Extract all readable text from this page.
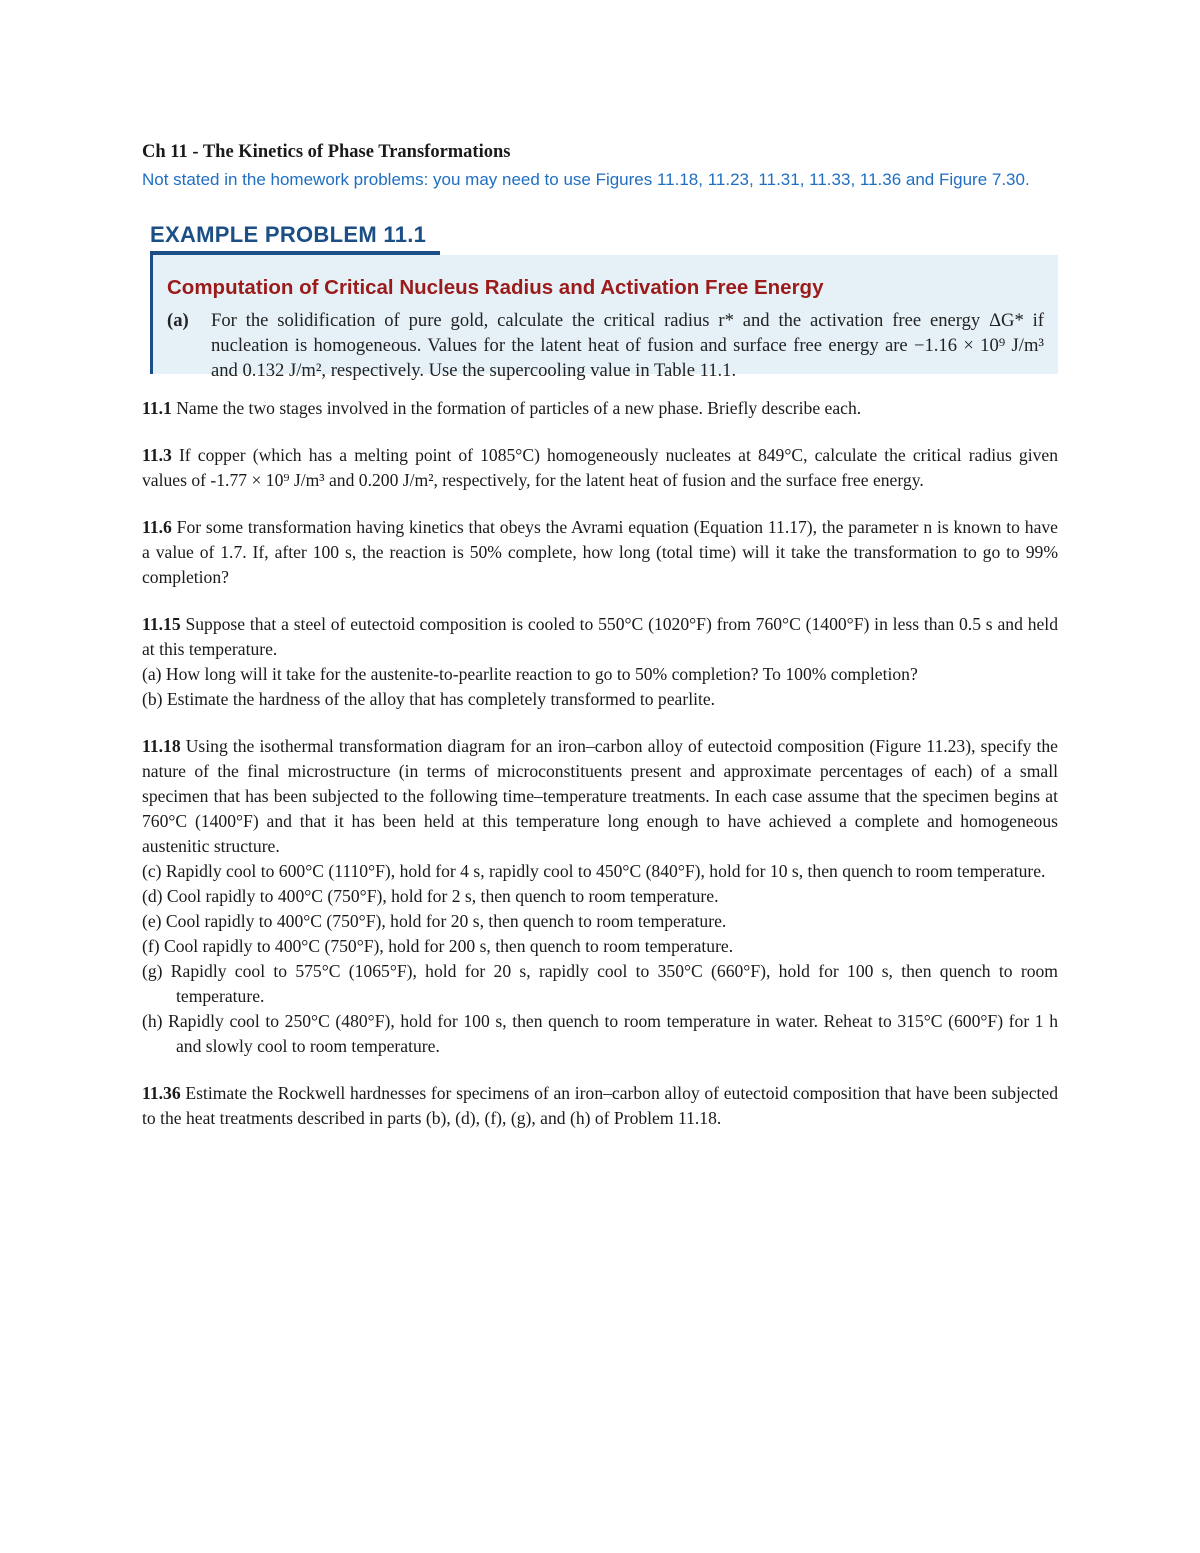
Ch 11 - The Kinetics of Phase Transformations

Not stated in the homework problems: you may need to use Figures 11.18, 11.23, 11.31, 11.33, 11.36 and Figure 7.30.

EXAMPLE PROBLEM 11.1

Computation of Critical Nucleus Radius and Activation Free Energy

(a)	For the solidification of pure gold, calculate the critical radius r* and the activation free energy ΔG* if nucleation is homogeneous. Values for the latent heat of fusion and surface free energy are −1.16 × 10⁹ J/m³ and 0.132 J/m², respectively. Use the supercooling value in Table 11.1.

11.1 Name the two stages involved in the formation of particles of a new phase. Briefly describe each.

11.3 If copper (which has a melting point of 1085°C) homogeneously nucleates at 849°C, calculate the critical radius given values of -1.77 × 10⁹ J/m³ and 0.200 J/m², respectively, for the latent heat of fusion and the surface free energy.

11.6 For some transformation having kinetics that obeys the Avrami equation (Equation 11.17), the parameter n is known to have a value of 1.7. If, after 100 s, the reaction is 50% complete, how long (total time) will it take the transformation to go to 99% completion?

11.15 Suppose that a steel of eutectoid composition is cooled to 550°C (1020°F) from 760°C (1400°F) in less than 0.5 s and held at this temperature.

(a) How long will it take for the austenite-to-pearlite reaction to go to 50% completion? To 100% completion?

(b) Estimate the hardness of the alloy that has completely transformed to pearlite.

11.18 Using the isothermal transformation diagram for an iron–carbon alloy of eutectoid composition (Figure 11.23), specify the nature of the final microstructure (in terms of microconstituents present and approximate percentages of each) of a small specimen that has been subjected to the following time–temperature treatments. In each case assume that the specimen begins at 760°C (1400°F) and that it has been held at this temperature long enough to have achieved a complete and homogeneous austenitic structure.

(c) Rapidly cool to 600°C (1110°F), hold for 4 s, rapidly cool to 450°C (840°F), hold for 10 s, then quench to room temperature.

(d) Cool rapidly to 400°C (750°F), hold for 2 s, then quench to room temperature.

(e) Cool rapidly to 400°C (750°F), hold for 20 s, then quench to room temperature.

(f) Cool rapidly to 400°C (750°F), hold for 200 s, then quench to room temperature.

(g) Rapidly cool to 575°C (1065°F), hold for 20 s, rapidly cool to 350°C (660°F), hold for 100 s, then quench to room temperature.

(h) Rapidly cool to 250°C (480°F), hold for 100 s, then quench to room temperature in water. Reheat to 315°C (600°F) for 1 h and slowly cool to room temperature.

11.36 Estimate the Rockwell hardnesses for specimens of an iron–carbon alloy of eutectoid composition that have been subjected to the heat treatments described in parts (b), (d), (f), (g), and (h) of Problem 11.18.
